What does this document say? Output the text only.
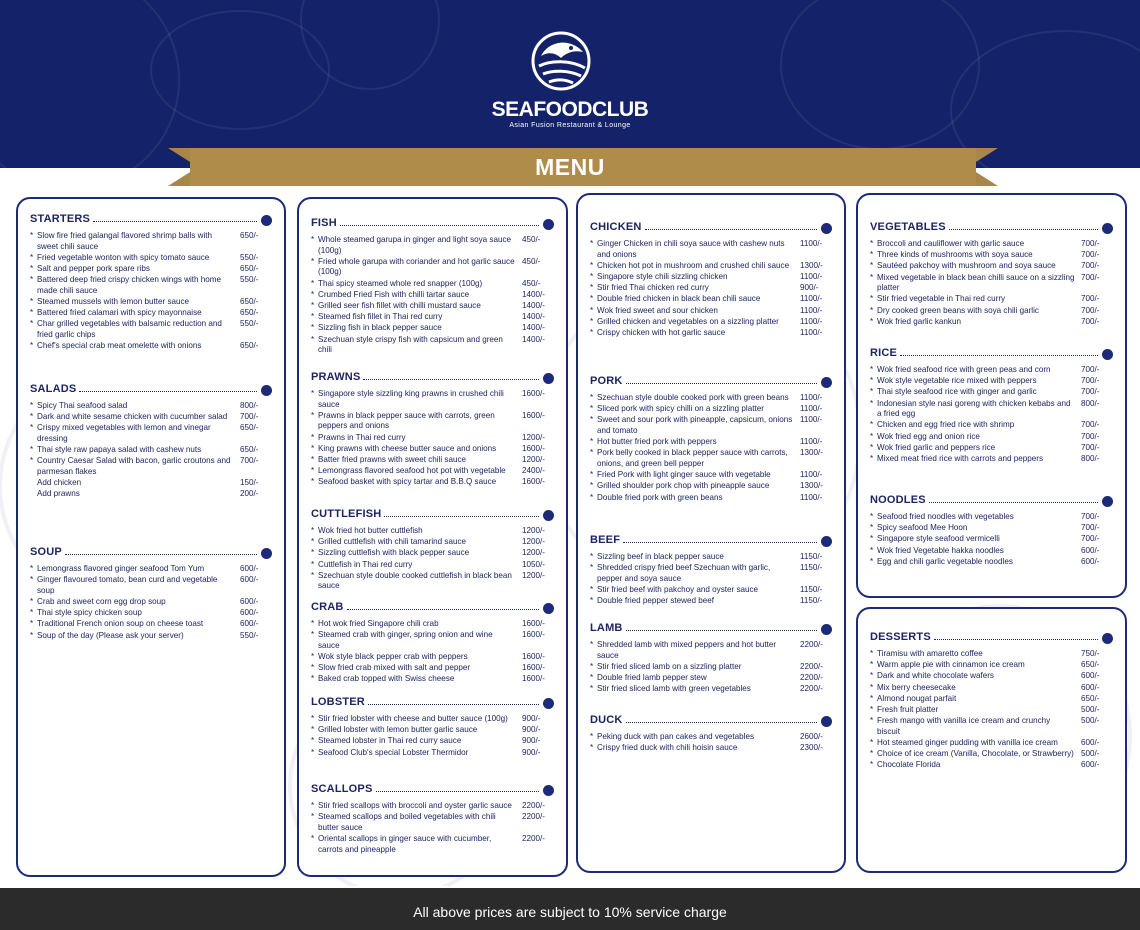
SEAFOODCLUB
Asian Fusion Restaurant & Lounge
MENU
STARTERS
* Slow fire fried galangal flavored shrimp balls with sweet chili sauce
650/-
* Fried vegetable wonton with spicy tomato sauce	550/-
* Salt and pepper pork spare ribs	650/-
* Battered deep fried crispy chicken wings with home made chili sauce
550/-
* Steamed mussels with lemon butter sauce	650/-
* Battered fried calamari with spicy mayonnaise	650/-
* Char grilled vegetables with balsamic reduction and fried garlic chips
550/-
* Chef's special crab meat omelette with onions	650/-
SALADS
* Spicy Thai seafood salad	800/-
* Dark and white sesame chicken with cucumber salad	700/-
* Crispy mixed vegetables with lemon and vinegar dressing
650/-
* Thai style raw papaya salad with cashew nuts	650/-
* Country Caesar Salad with bacon, garlic croutons and parmesan flakes
700/-
Add chicken	150/-
Add prawns	200/-
SOUP
* Lemongrass flavored ginger seafood Tom Yum	600/-
* Ginger flavoured tomato, bean curd and vegetable soup
600/-
* Crab and sweet corn egg drop soup	600/-
* Thai style spicy chicken soup	600/-
* Traditional French onion soup on cheese toast	600/-
* Soup of the day (Please ask your server)	550/-
FISH
* Whole steamed garupa in ginger and light soya sauce (100g)
450/-
* Fried whole garupa with coriander and hot garlic sauce (100g)
450/-
* Thai spicy steamed whole red snapper (100g)	450/-
* Crumbed Fried Fish with chilli tartar sauce	1400/-
* Grilled seer fish fillet with chilli mustard sauce	1400/-
* Steamed fish fillet in Thai red curry	1400/-
* Sizzling fish in black pepper sauce	1400/-
* Szechuan style crispy fish with capsicum and green chili
1400/-
PRAWNS
* Singapore style sizzling king prawns in crushed chili sauce
1600/-
* Prawns in black pepper sauce with carrots, green peppers and onions
1600/-
* Prawns in Thai red curry	1200/-
* King prawns with cheese butter sauce and onions	1600/-
* Batter fried prawns with sweet chili sauce	1200/-
* Lemongrass flavored seafood hot pot with vegetable	2400/-
* Seafood basket with spicy tartar and B.B.Q sauce	1600/-
CUTTLEFISH
* Wok fried hot butter cuttlefish	1200/-
* Grilled cuttlefish with chili tamarind sauce	1200/-
* Sizzling cuttlefish with black pepper sauce	1200/-
* Cuttlefish in Thai red curry	1050/-
* Szechuan style double cooked cuttlefish in black bean sauce
1200/-
CRAB
* Hot wok fried Singapore chili crab	1600/-
* Steamed crab with ginger, spring onion and wine sauce
1600/-
* Wok style black pepper crab with peppers	1600/-
* Slow fried crab mixed with salt and pepper	1600/-
* Baked crab topped with Swiss cheese	1600/-
LOBSTER
* Stir fried lobster with cheese and butter sauce (100g)	900/-
* Grilled lobster with lemon butter garlic sauce	900/-
* Steamed lobster in Thai red curry sauce	900/-
* Seafood Club's special Lobster Thermidor	900/-
SCALLOPS
* Stir fried scallops with broccoli and oyster garlic sauce	2200/-
* Steamed scallops and boiled vegetables with chili butter sauce
2200/-
* Oriental scallops in ginger sauce with cucumber, carrots and pineapple
2200/-
CHICKEN
* Ginger Chicken in chili soya sauce with cashew nuts and onions
1100/-
* Chicken hot pot in mushroom and crushed chili sauce	1300/-
* Singapore style chili sizzling chicken	1100/-
* Stir fried Thai chicken red curry	900/-
* Double fried chicken in black bean chili sauce	1100/-
* Wok fried sweet and sour chicken	1100/-
* Grilled chicken and vegetables on a sizzling platter	1100/-
* Crispy chicken with hot garlic sauce	1100/-
PORK
* Szechuan style double cooked pork with green beans	1100/-
* Sliced pork with spicy chilli on a sizzling platter	1100/-
* Sweet and sour pork with pineapple, capsicum, onions and tomato
1100/-
* Hot butter fried pork with peppers	1100/-
* Pork belly cooked in black pepper sauce with carrots, onions, and green bell pepper
1300/-
* Fried Pork with light ginger sauce with vegetable	1100/-
* Grilled shoulder pork chop with pineapple sauce	1300/-
* Double fried pork with green beans	1100/-
BEEF
* Sizzling beef in black pepper sauce	1150/-
* Shredded crispy fried beef Szechuan with garlic, pepper and soya sauce
1150/-
* Stir fried beef with pakchoy and oyster sauce	1150/-
* Double fried pepper stewed beef	1150/-
LAMB
* Shredded lamb with mixed peppers and hot butter sauce
2200/-
* Stir fried sliced lamb on a sizzling platter	2200/-
* Double fried lamb pepper stew	2200/-
* Stir fried sliced lamb with green vegetables	2200/-
DUCK
* Peking duck with pan cakes and vegetables	2600/-
* Crispy fried duck with chili hoisin sauce	2300/-
VEGETABLES
* Broccoli and cauliflower with garlic sauce	700/-
* Three kinds of mushrooms with soya sauce	700/-
* Sautéed pakchoy with mushroom and soya sauce	700/-
* Mixed vegetable in black bean chilli sauce on a sizzling platter
700/-
* Stir fried vegetable in Thai red curry	700/-
* Dry cooked green beans with soya chili garlic	700/-
* Wok fried garlic kankun	700/-
RICE
* Wok fried seafood rice with green peas and corn	700/-
* Wok style vegetable rice mixed with peppers	700/-
* Thai style seafood rice with ginger and garlic	700/-
* Indonesian style nasi goreng with chicken kebabs and a fried egg
800/-
* Chicken and egg fried rice with shrimp	700/-
* Wok fried egg and onion rice	700/-
* Wok fried garlic and peppers rice	700/-
* Mixed meat fried rice with carrots and peppers	800/-
NOODLES
* Seafood fried noodles with vegetables	700/-
* Spicy seafood Mee Hoon	700/-
* Singapore style seafood vermicelli	700/-
* Wok fried Vegetable hakka noodles	600/-
* Egg and chili garlic vegetable noodles	600/-
DESSERTS
* Tiramisu with amaretto coffee	750/-
* Warm apple pie with cinnamon ice cream	650/-
* Dark and white chocolate wafers	600/-
* Mix berry cheesecake	600/-
* Almond nougat parfait	650/-
* Fresh fruit platter	500/-
* Fresh mango with vanilla ice cream and crunchy biscuit
500/-
* Hot steamed ginger pudding with vanilla ice cream	600/-
* Choice of ice cream (Vanilla, Chocolate, or Strawberry) 500/-
* Chocolate Florida	600/-
All above prices are subject to 10% service charge
